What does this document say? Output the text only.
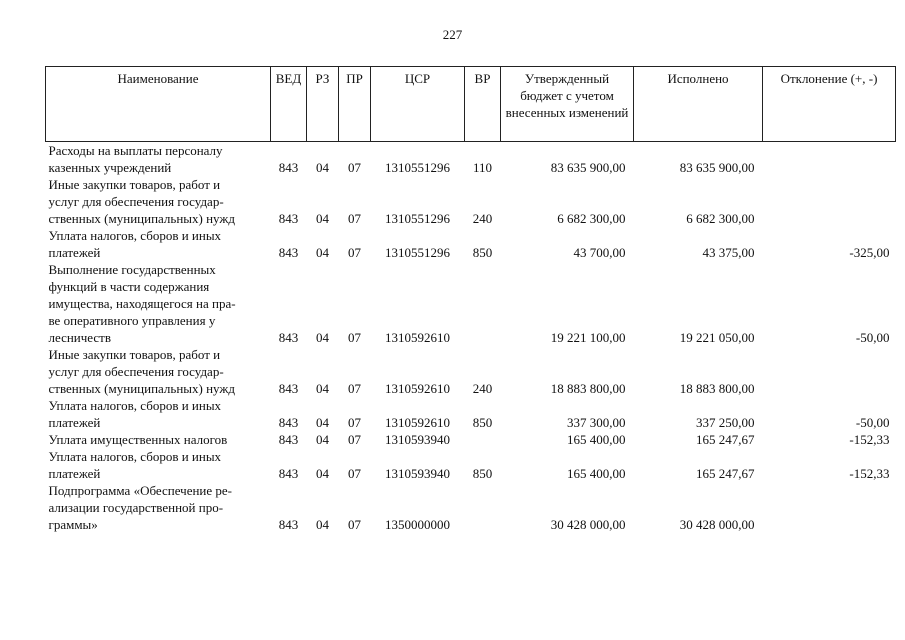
227
Наименование	ВЕД	РЗ	ПР	ЦСР	ВР	Утвержденный бюджет с учетом внесенных изменений	Исполнено	Отклонение (+, -)

Расходы на выплаты персоналу
казенных учреждений	843	04	07	1310551296	110	83 635 900,00	83 635 900,00	

Иные закупки товаров, работ и
услуг для обеспечения государ-
ственных (муниципальных) нужд	843	04	07	1310551296	240	6 682 300,00	6 682 300,00	

Уплата налогов, сборов и иных
платежей	843	04	07	1310551296	850	43 700,00	43 375,00	-325,00

Выполнение государственных
функций в части содержания
имущества, находящегося на пра-
ве оперативного управления у
лесничеств	843	04	07	1310592610		19 221 100,00	19 221 050,00	-50,00

Иные закупки товаров, работ и
услуг для обеспечения государ-
ственных (муниципальных) нужд	843	04	07	1310592610	240	18 883 800,00	18 883 800,00	

Уплата налогов, сборов и иных
платежей	843	04	07	1310592610	850	337 300,00	337 250,00	-50,00

Уплата имущественных налогов	843	04	07	1310593940		165 400,00	165 247,67	-152,33

Уплата налогов, сборов и иных
платежей	843	04	07	1310593940	850	165 400,00	165 247,67	-152,33

Подпрограмма «Обеспечение ре-
ализации государственной про-
граммы»	843	04	07	1350000000		30 428 000,00	30 428 000,00	
